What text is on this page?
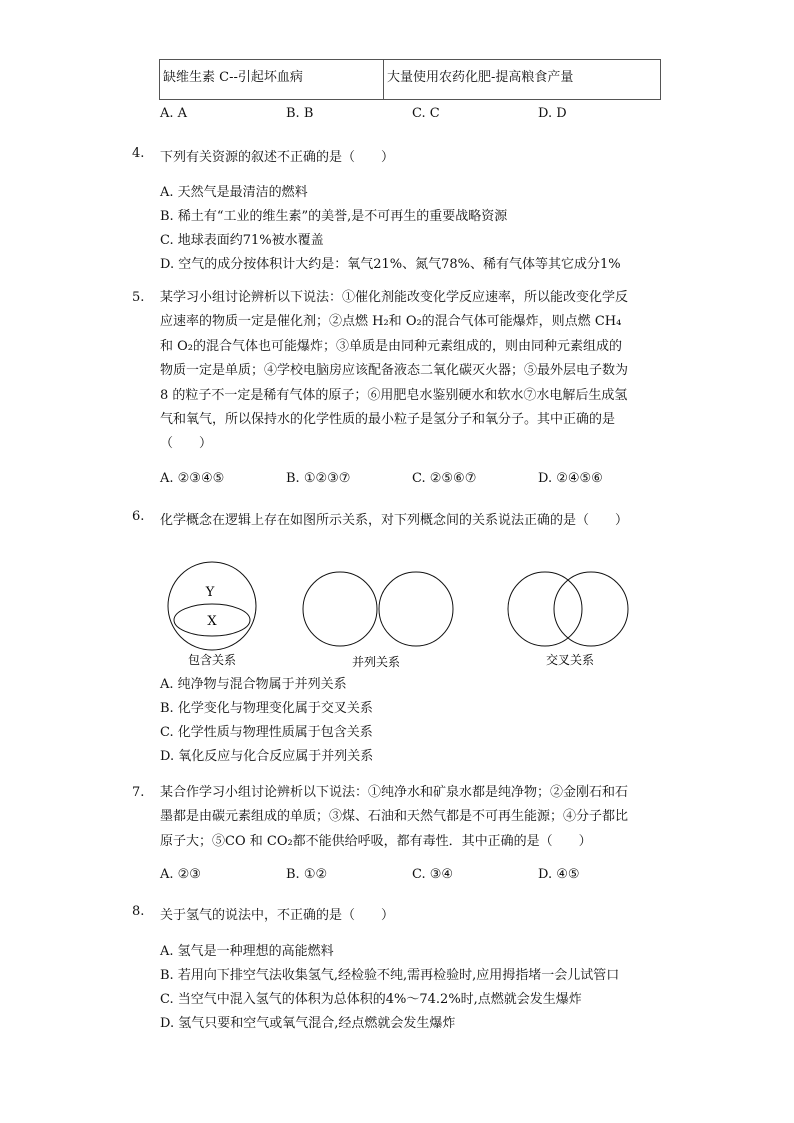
缺维生素 C--引起坏血病	大量使用农药化肥-提高粮食产量
A. A	B. B	C. C	D. D
4. 下列有关资源的叙述不正确的是（　　）
A. 天然气是最清洁的燃料
B. 稀土有“工业的维生素”的美誉,是不可再生的重要战略资源
C. 地球表面约71%被水覆盖
D. 空气的成分按体积计大约是：氧气21%、氮气78%、稀有气体等其它成分1%
5. 某学习小组讨论辨析以下说法：①催化剂能改变化学反应速率，所以能改变化学反
应速率的物质一定是催化剂；②点燃 H₂和 O₂的混合气体可能爆炸，则点燃 CH₄
和 O₂的混合气体也可能爆炸；③单质是由同种元素组成的，则由同种元素组成的
物质一定是单质；④学校电脑房应该配备液态二氧化碳灭火器；⑤最外层电子数为
8 的粒子不一定是稀有气体的原子；⑥用肥皂水鉴别硬水和软水⑦水电解后生成氢
气和氧气，所以保持水的化学性质的最小粒子是氢分子和氧分子。其中正确的是
（　　）
A. ②③④⑤	B. ①②③⑦	C. ②⑤⑥⑦	D. ②④⑤⑥
6. 化学概念在逻辑上存在如图所示关系，对下列概念间的关系说法正确的是（　　）
Y
X
包含关系	并列关系	交叉关系
A. 纯净物与混合物属于并列关系
B. 化学变化与物理变化属于交叉关系
C. 化学性质与物理性质属于包含关系
D. 氧化反应与化合反应属于并列关系
7. 某合作学习小组讨论辨析以下说法：①纯净水和矿泉水都是纯净物；②金刚石和石
墨都是由碳元素组成的单质；③煤、石油和天然气都是不可再生能源；④分子都比
原子大；⑤CO 和 CO₂都不能供给呼吸，都有毒性．其中正确的是（　　）
A. ②③	B. ①②	C. ③④	D. ④⑤
8. 关于氢气的说法中，不正确的是（　　）
A. 氢气是一种理想的高能燃料
B. 若用向下排空气法收集氢气,经检验不纯,需再检验时,应用拇指堵一会儿试管口
C. 当空气中混入氢气的体积为总体积的4%～74.2%时,点燃就会发生爆炸
D. 氢气只要和空气或氧气混合,经点燃就会发生爆炸
